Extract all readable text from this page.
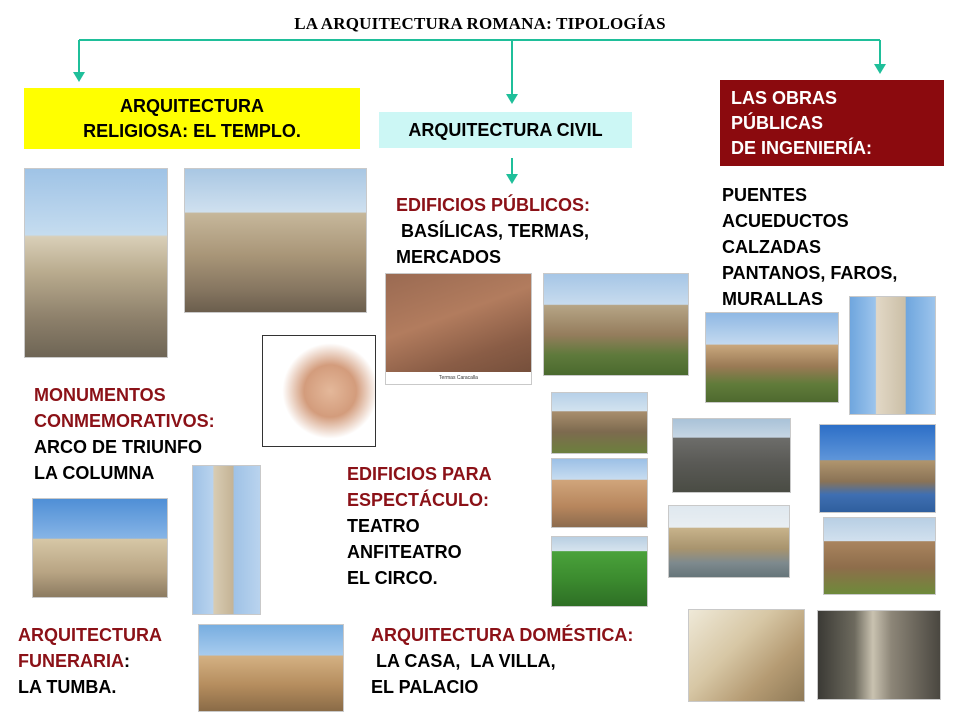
LA ARQUITECTURA ROMANA: TIPOLOGÍAS
ARQUITECTURA
RELIGIOSA: EL TEMPLO.	ARQUITECTURA CIVIL
LAS OBRAS
PÚBLICAS
DE INGENIERÍA:
EDIFICIOS PÚBLICOS:
BASÍLICAS, TERMAS,
MERCADOS
PUENTES
ACUEDUCTOS
CALZADAS
PANTANOS, FAROS,
MURALLAS
MONUMENTOS
CONMEMORATIVOS:
ARCO DE TRIUNFO
LA COLUMNA	EDIFICIOS PARA
ESPECTÁCULO:
TEATRO
ANFITEATRO
EL CIRCO.
ARQUITECTURA
FUNERARIA:
LA TUMBA.
ARQUITECTURA DOMÉSTICA:
LA CASA,  LA VILLA,
EL PALACIO
Termas Caracalla
